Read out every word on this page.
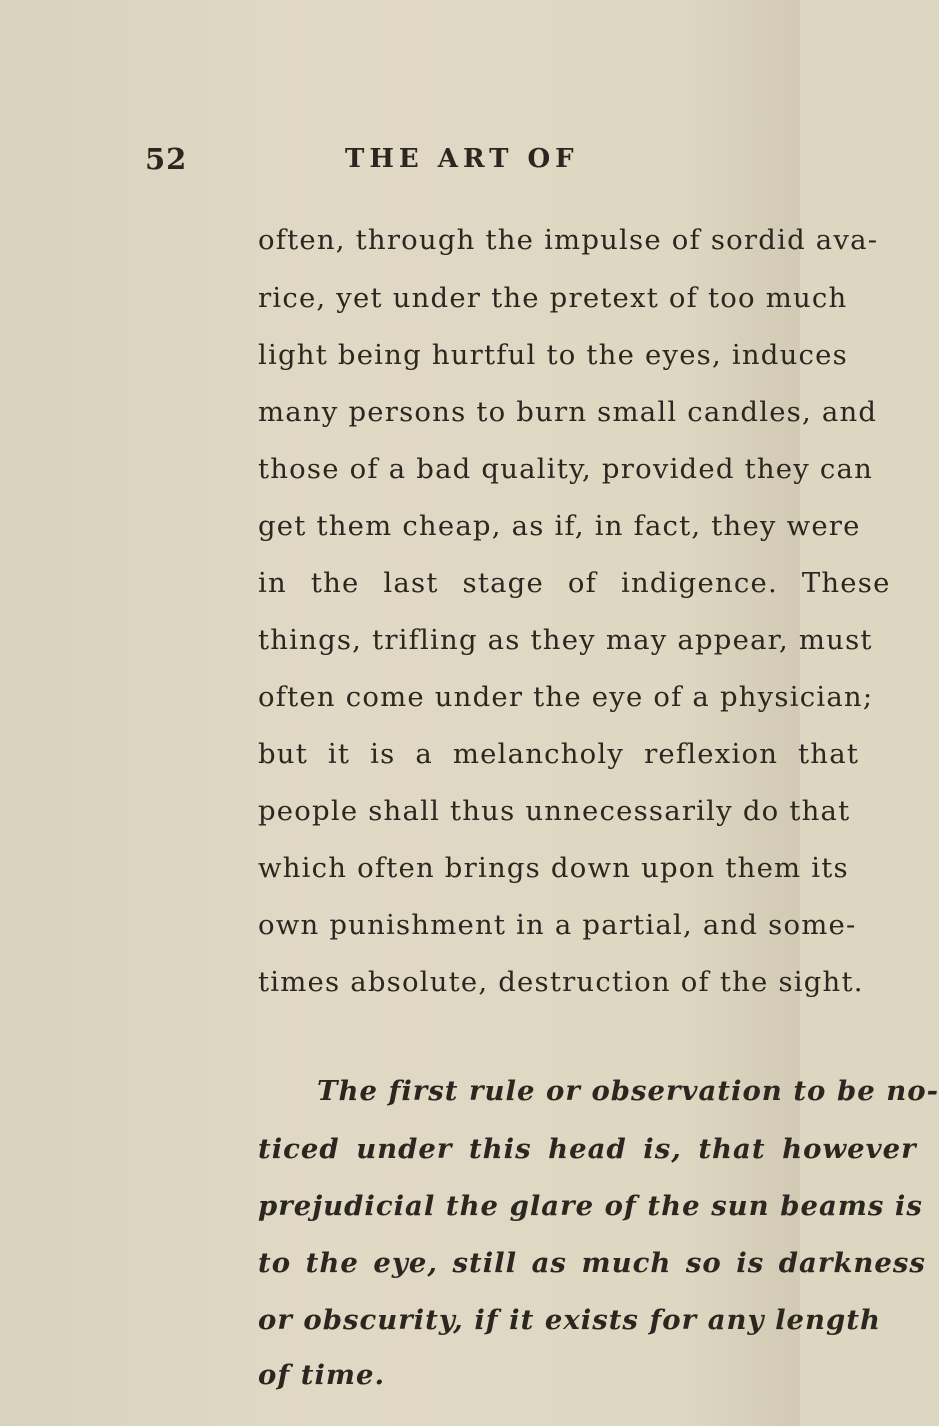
52	THE ART OF
often, through the impulse of sordid ava-
rice, yet under the pretext of too much
light being hurtful to the eyes, induces
many persons to burn small candles, and
those of a bad quality, provided they can
get them cheap, as if, in fact, they were
in the last stage of indigence. These
things, trifling as they may appear, must
often come under the eye of a physician;
but it is a melancholy reflexion that
people shall thus unnecessarily do that
which often brings down upon them its
own punishment in a partial, and some-
times absolute, destruction of the sight.
The first rule or observation to be no-
ticed under this head is, that however
prejudicial the glare of the sun beams is
to the eye, still as much so is darkness
or obscurity, if it exists for any length
of time.
